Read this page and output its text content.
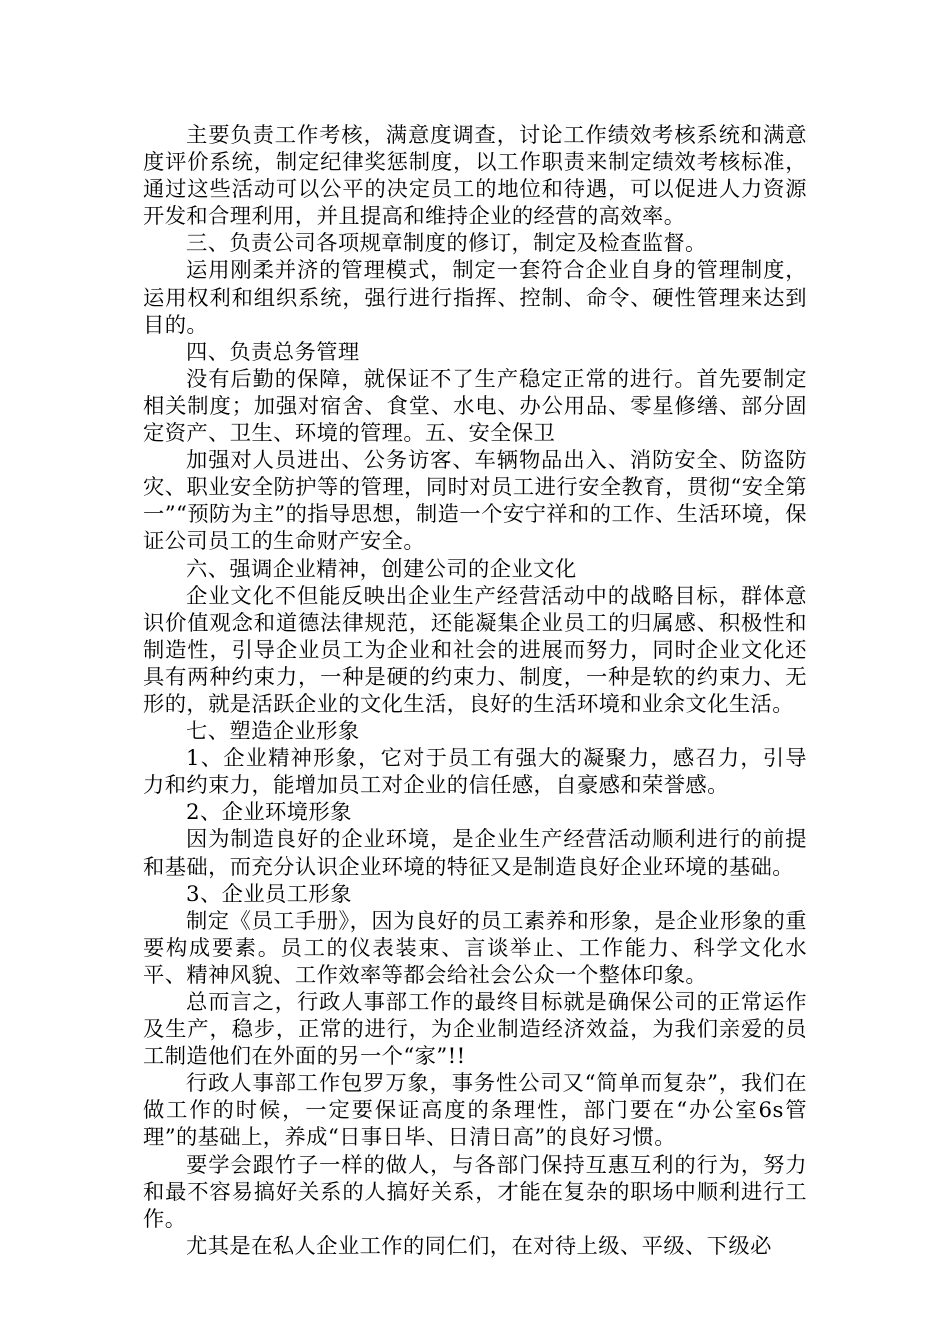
主要负责工作考核，满意度调查，讨论工作绩效考核系统和满意度评价系统，制定纪律奖惩制度，以工作职责来制定绩效考核标准，通过这些活动可以公平的决定员工的地位和待遇，可以促进人力资源开发和合理利用，并且提高和维持企业的经营的高效率。

三、负责公司各项规章制度的修订，制定及检查监督。

运用刚柔并济的管理模式，制定一套符合企业自身的管理制度，运用权利和组织系统，强行进行指挥、控制、命令、硬性管理来达到目的。

四、负责总务管理

没有后勤的保障，就保证不了生产稳定正常的进行。首先要制定相关制度；加强对宿舍、食堂、水电、办公用品、零星修缮、部分固定资产、卫生、环境的管理。五、安全保卫

加强对人员进出、公务访客、车辆物品出入、消防安全、防盗防灾、职业安全防护等的管理，同时对员工进行安全教育，贯彻“安全第一”“预防为主”的指导思想，制造一个安宁祥和的工作、生活环境，保证公司员工的生命财产安全。

六、强调企业精神，创建公司的企业文化

企业文化不但能反映出企业生产经营活动中的战略目标，群体意识价值观念和道德法律规范，还能凝集企业员工的归属感、积极性和制造性，引导企业员工为企业和社会的进展而努力，同时企业文化还具有两种约束力，一种是硬的约束力、制度，一种是软的约束力、无形的，就是活跃企业的文化生活，良好的生活环境和业余文化生活。

七、塑造企业形象

1、企业精神形象，它对于员工有强大的凝聚力，感召力，引导力和约束力，能增加员工对企业的信任感，自豪感和荣誉感。

2、企业环境形象

因为制造良好的企业环境，是企业生产经营活动顺利进行的前提和基础，而充分认识企业环境的特征又是制造良好企业环境的基础。

3、企业员工形象

制定《员工手册》，因为良好的员工素养和形象，是企业形象的重要构成要素。员工的仪表装束、言谈举止、工作能力、科学文化水平、精神风貌、工作效率等都会给社会公众一个整体印象。

总而言之，行政人事部工作的最终目标就是确保公司的正常运作及生产，稳步，正常的进行，为企业制造经济效益，为我们亲爱的员工制造他们在外面的另一个“家”!!

行政人事部工作包罗万象，事务性公司又“简单而复杂”，我们在做工作的时候，一定要保证高度的条理性，部门要在“办公室6s管理”的基础上，养成“日事日毕、日清日高”的良好习惯。

要学会跟竹子一样的做人，与各部门保持互惠互利的行为，努力和最不容易搞好关系的人搞好关系，才能在复杂的职场中顺利进行工作。

尤其是在私人企业工作的同仁们，在对待上级、平级、下级必
